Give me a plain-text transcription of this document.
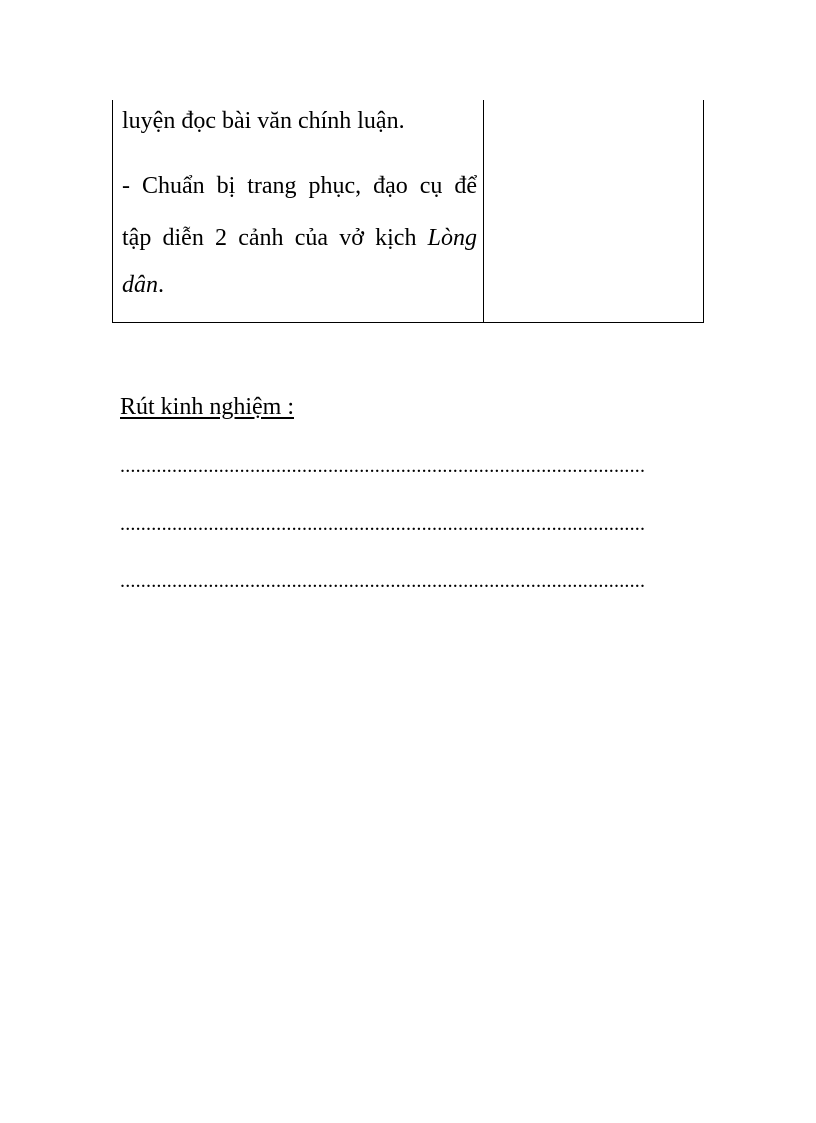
luyện đọc bài văn chính luận.
- Chuẩn bị trang phục, đạo cụ để
tập diễn 2 cảnh của vở kịch Lòng
dân.
Rút kinh nghiệm :
.....................................................................................................
.....................................................................................................
.....................................................................................................
